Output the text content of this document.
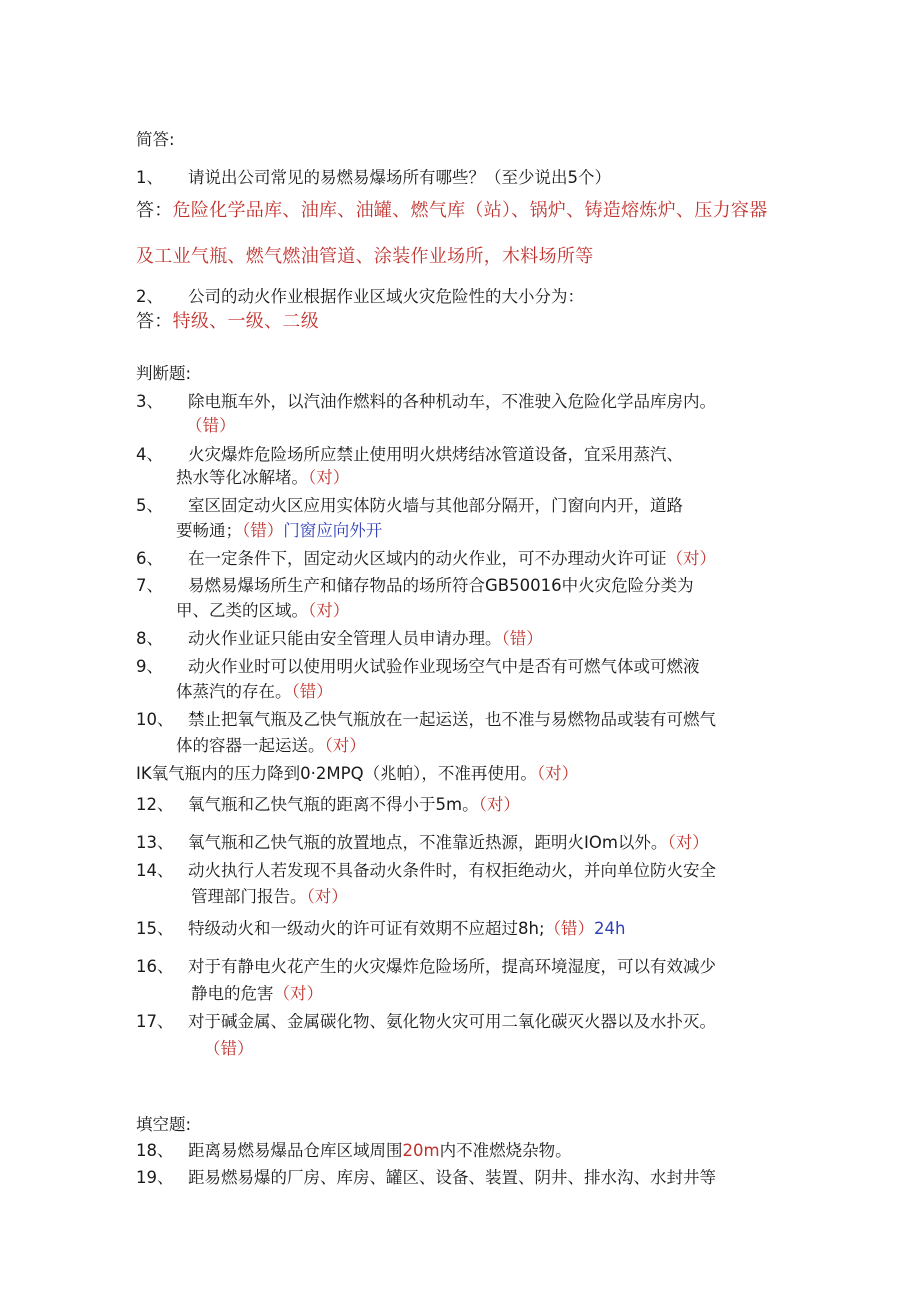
简答:
1、 请说出公司常见的易燃易爆场所有哪些？（至少说出5个）
答：危险化学品库、油库、油罐、燃气库（站）、锅炉、铸造熔炼炉、压力容器
及工业气瓶、燃气燃油管道、涂装作业场所，木料场所等
2、 公司的动火作业根据作业区域火灾危险性的大小分为：
答：特级、一级、二级
判断题:
3、 除电瓶车外，以汽油作燃料的各种机动车，不准驶入危险化学品库房内。
（错）
4、 火灾爆炸危险场所应禁止使用明火烘烤结冰管道设备，宜采用蒸汽、
热水等化冰解堵。（对）
5、 室区固定动火区应用实体防火墙与其他部分隔开，门窗向内开，道路
要畅通；（错）门窗应向外开
6、 在一定条件下，固定动火区域内的动火作业，可不办理动火许可证（对）
7、 易燃易爆场所生产和储存物品的场所符合GB50016中火灾危险分类为
甲、乙类的区域。（对）
8、 动火作业证只能由安全管理人员申请办理。（错）
9、 动火作业时可以使用明火试验作业现场空气中是否有可燃气体或可燃液
体蒸汽的存在。（错）
10、 禁止把氧气瓶及乙快气瓶放在一起运送，也不准与易燃物品或装有可燃气
体的容器一起运送。（对）
IK氧气瓶内的压力降到0·2MPQ（兆帕），不准再使用。（对）
12、 氧气瓶和乙快气瓶的距离不得小于5m。（对）
13、 氧气瓶和乙快气瓶的放置地点，不准靠近热源，距明火IOm以外。（对）
14、 动火执行人若发现不具备动火条件时，有权拒绝动火，并向单位防火安全
管理部门报告。（对）
15、 特级动火和一级动火的许可证有效期不应超过8h;（错）24h
16、 对于有静电火花产生的火灾爆炸危险场所，提高环境湿度，可以有效减少
静电的危害（对）
17、 对于碱金属、金属碳化物、氨化物火灾可用二氧化碳灭火器以及水扑灭。
（错）
填空题:
18、 距离易燃易爆品仓库区域周围20m内不准燃烧杂物。
19、 距易燃易爆的厂房、库房、罐区、设备、装置、阴井、排水沟、水封井等
